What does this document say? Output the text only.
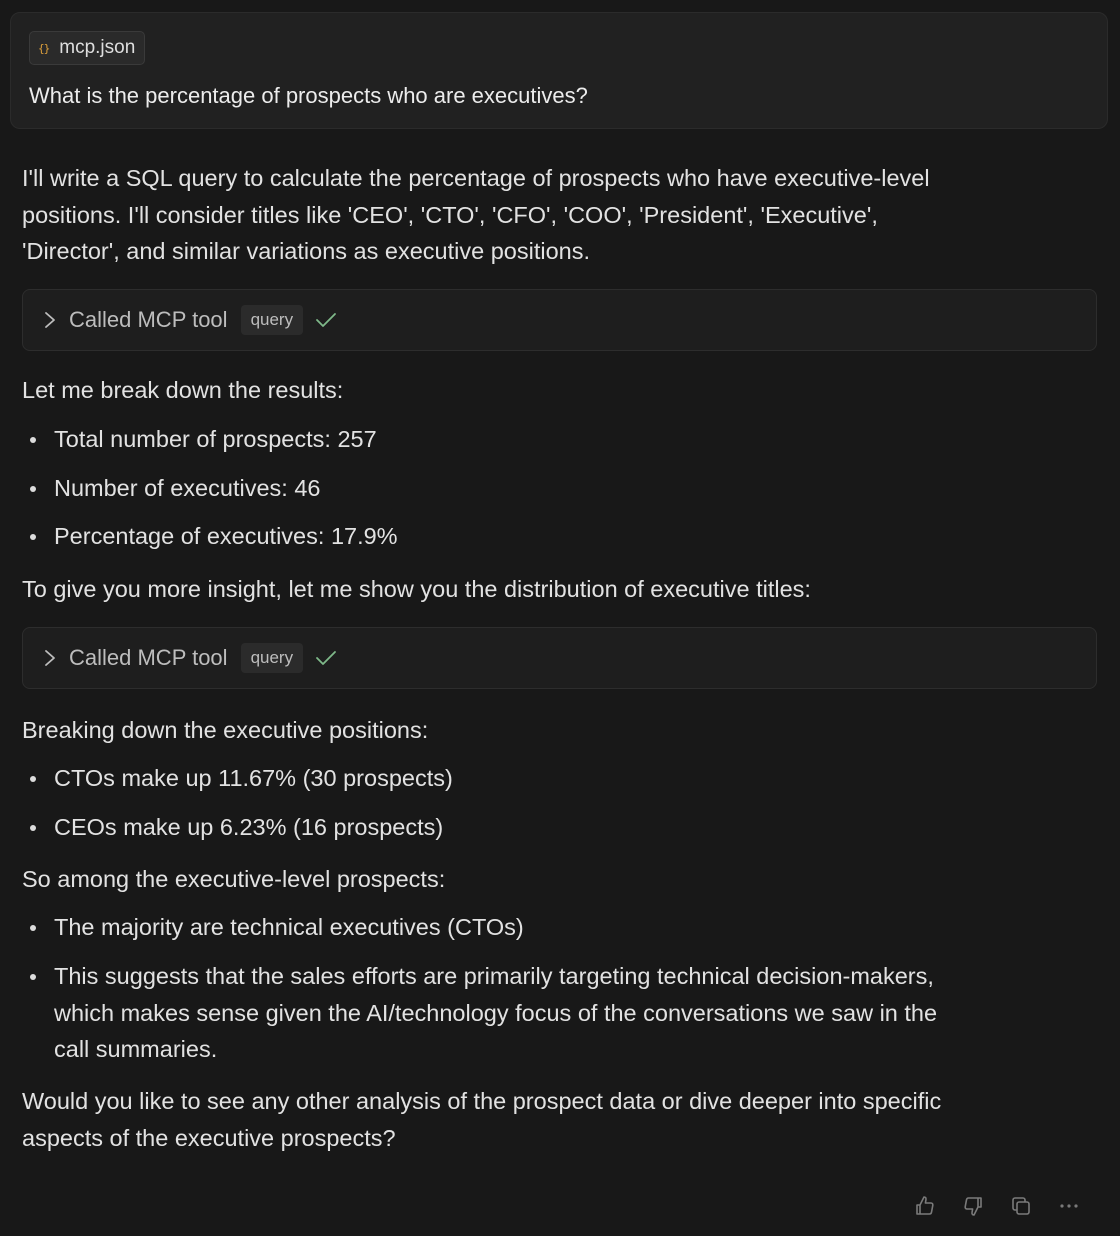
{} mcp.json
What is the percentage of prospects who are executives?
I'll write a SQL query to calculate the percentage of prospects who have executive-level
positions. I'll consider titles like 'CEO', 'CTO', 'CFO', 'COO', 'President', 'Executive',
'Director', and similar variations as executive positions.
Called MCP tool	query
Let me break down the results:
Total number of prospects: 257
Number of executives: 46
Percentage of executives: 17.9%
To give you more insight, let me show you the distribution of executive titles:
Called MCP tool	query
Breaking down the executive positions:
CTOs make up 11.67% (30 prospects)
CEOs make up 6.23% (16 prospects)
So among the executive-level prospects:
The majority are technical executives (CTOs)
This suggests that the sales efforts are primarily targeting technical decision-makers,
which makes sense given the AI/technology focus of the conversations we saw in the
call summaries.
Would you like to see any other analysis of the prospect data or dive deeper into specific
aspects of the executive prospects?
